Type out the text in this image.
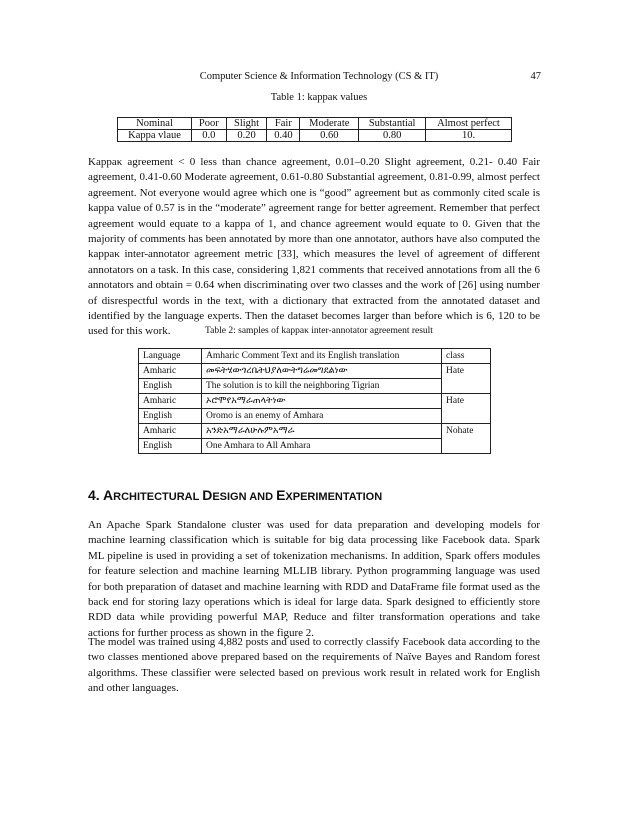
Computer Science & Information Technology (CS & IT)	47
Table 1: kappaκ values
Nominal	Poor	Slight	Fair	Moderate	Substantial	Almost perfect
Kappa vlaue	0.0	0.20	0.40	0.60	0.80	10.

Kappaκ agreement < 0 less than chance agreement, 0.01–0.20 Slight agreement, 0.21- 0.40 Fair agreement, 0.41-0.60 Moderate agreement, 0.61-0.80 Substantial agreement, 0.81-0.99, almost perfect agreement. Not everyone would agree which one is “good” agreement but as commonly cited scale is kappa value of 0.57 is in the “moderate” agreement range for better agreement. Remember that perfect agreement would equate to a kappa of 1, and chance agreement would equate to 0. Given that the majority of comments has been annotated by more than one annotator, authors have also computed the kappaκ inter-annotator agreement metric [33], which measures the level of agreement of different annotators on a task. In this case, considering 1,821 comments that received annotations from all the 6 annotators and obtain = 0.64 when discriminating over two classes and the work of [26] using number of disrespectful words in the text, with a dictionary that extracted from the annotated dataset and identified by the language experts. Then the dataset becomes larger than before which is 6, 120 to be used for this work.	Table 2: samples of kappaκ inter-annotator agreement result
Language	Amharic Comment Text and its English translation	class
Amharic	መፍትሄውጎረቤትህያለውትግሬመግደልነው	Hate
English	The solution is to kill the neighboring Tigrian	
Amharic	ኦሮሞየአማራጠላትነው	Hate
English	Oromo is an enemy of Amhara	
Amharic	አንድአማራለሁሉምአማራ	Nohate
English	One Amhara to All Amhara	
4. ARCHITECTURAL DESIGN AND EXPERIMENTATION

An Apache Spark Standalone cluster was used for data preparation and developing models for machine learning classification which is suitable for big data processing like Facebook data. Spark ML pipeline is used in providing a set of tokenization mechanisms. In addition, Spark offers modules for feature selection and machine learning MLLIB library. Python programming language was used for both preparation of dataset and machine learning with RDD and DataFrame file format used as the back end for storing lazy operations which is ideal for large data. Spark designed to efficiently store RDD data while providing powerful MAP, Reduce and filter transformation operations and take actions for further process as shown in the figure 2.

The model was trained using 4,882 posts and used to correctly classify Facebook data according to the two classes mentioned above prepared based on the requirements of Naïve Bayes and Random forest algorithms. These classifier were selected based on previous work result in related work for English and other languages.
